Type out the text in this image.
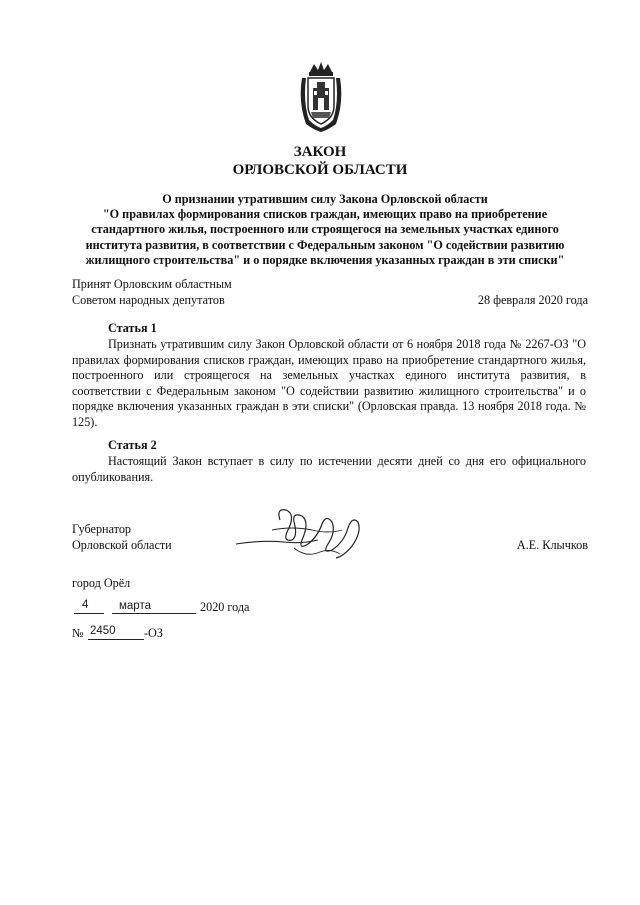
ЗАКОН
ОРЛОВСКОЙ ОБЛАСТИ
О признании утратившим силу Закона Орловской области
"О правилах формирования списков граждан, имеющих право на приобретение
стандартного жилья, построенного или строящегося на земельных участках единого
института развития, в соответствии с Федеральным законом "О содействии развитию
жилищного строительства" и о порядке включения указанных граждан в эти списки"
Принят Орловским областным
Советом народных депутатов	28 февраля 2020 года
Статья 1
Признать утратившим силу Закон Орловской области от 6 ноября 2018 года № 2267-ОЗ "О правилах формирования списков граждан, имеющих право на приобретение стандартного жилья, построенного или строящегося на земельных участках единого института развития, в соответствии с Федеральным законом "О содействии развитию жилищного строительства" и о порядке включения указанных граждан в эти списки" (Орловская правда. 13 ноября 2018 года. № 125).
Статья 2
Настоящий Закон вступает в силу по истечении десяти дней со дня его официального опубликования.
Губернатор
Орловской области	А.Е. Клычков
город Орёл
4	марта	2020 года
№ 2450 -ОЗ
